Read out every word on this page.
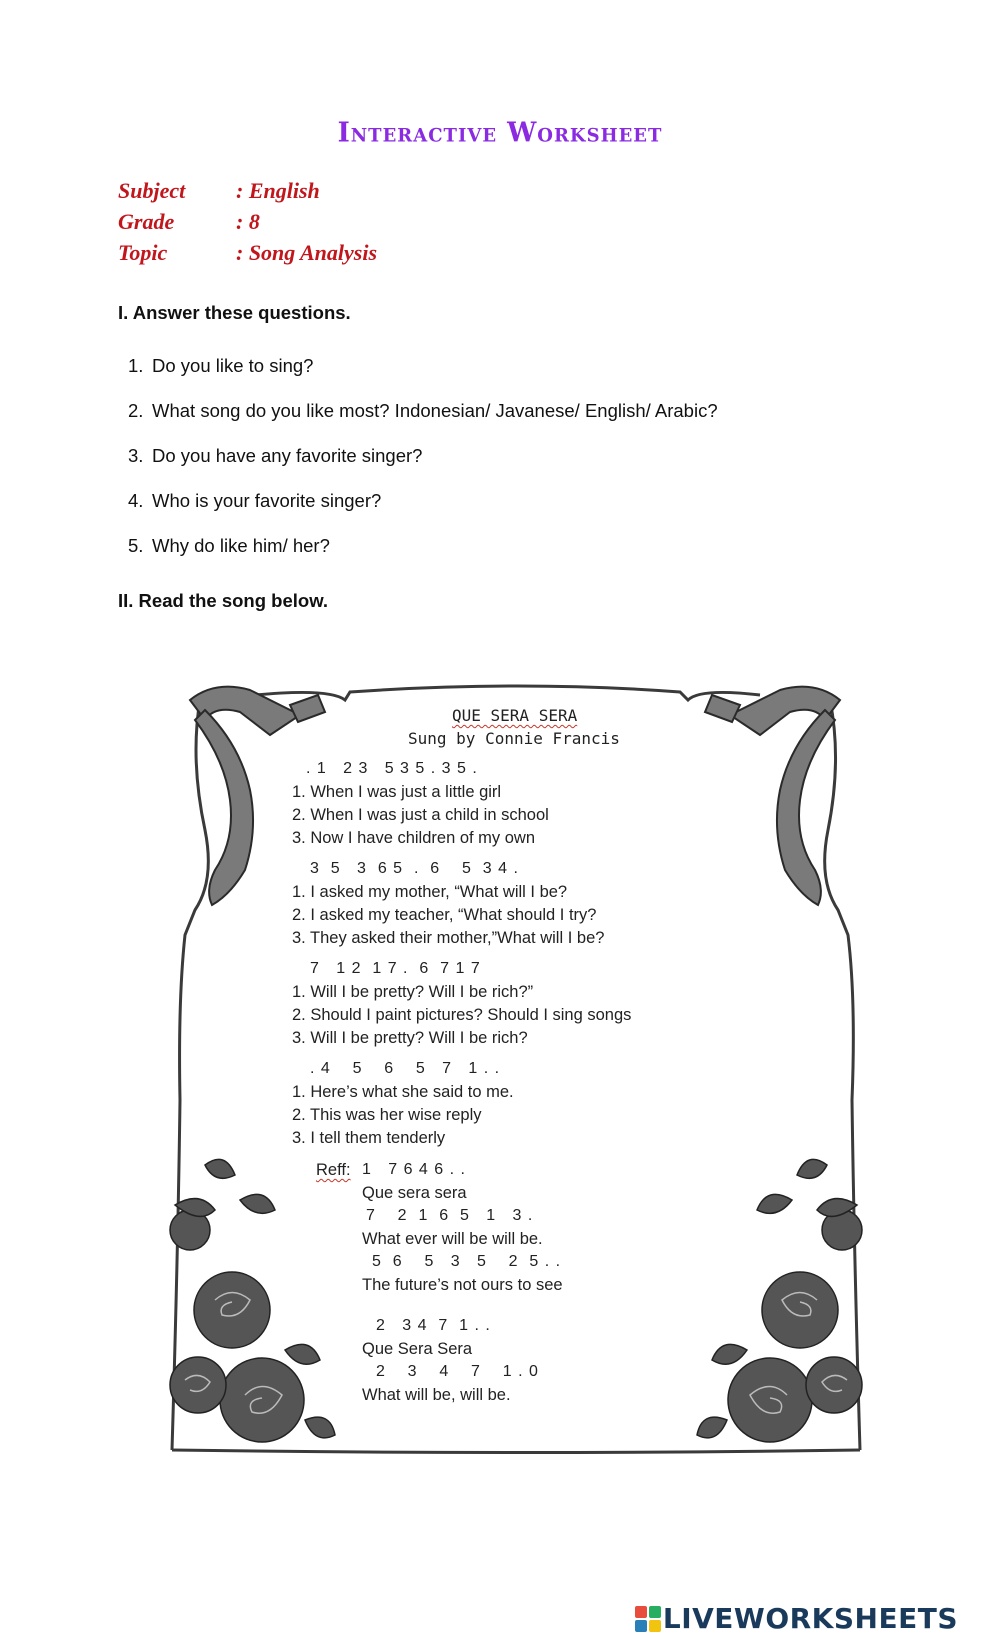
Interactive Worksheet
Subject	: English
Grade	: 8
Topic	: Song Analysis
I. Answer these questions.
1. Do you like to sing?
2. What song do you like most? Indonesian/ Javanese/ English/ Arabic?
3. Do you have any favorite singer?
4. Who is your favorite singer?
5. Why do like him/ her?
II. Read the song below.
QUE SERA SERA
Sung by Connie Francis
. 1   2 3   5 3 5 . 3 5 .
1. When I was just a little girl
2. When I was just a child in school
3. Now I have children of my own
3  5   3  6 5  .  6    5  3 4 .
1. I asked my mother, “What will I be?
2. I asked my teacher, “What should I try?
3. They asked their mother,”What will I be?
7   1 2  1 7 .  6  7 1 7
1. Will I be pretty? Will I be rich?”
2. Should I paint pictures? Should I sing songs
3. Will I be pretty? Will I be rich?
. 4    5    6    5   7   1 . .
1. Here’s what she said to me.
2. This was her wise reply
3. I tell them tenderly
Reff: 1   7 6 4 6 . .
Que sera sera
7    2  1  6  5   1   3 .
What ever will be will be.
5  6    5   3   5    2  5 . .
The future’s not ours to see
2   3 4  7  1 . .
Que Sera Sera
2    3    4    7    1 . 0
What will be, will be.
LIVEWORKSHEETS
